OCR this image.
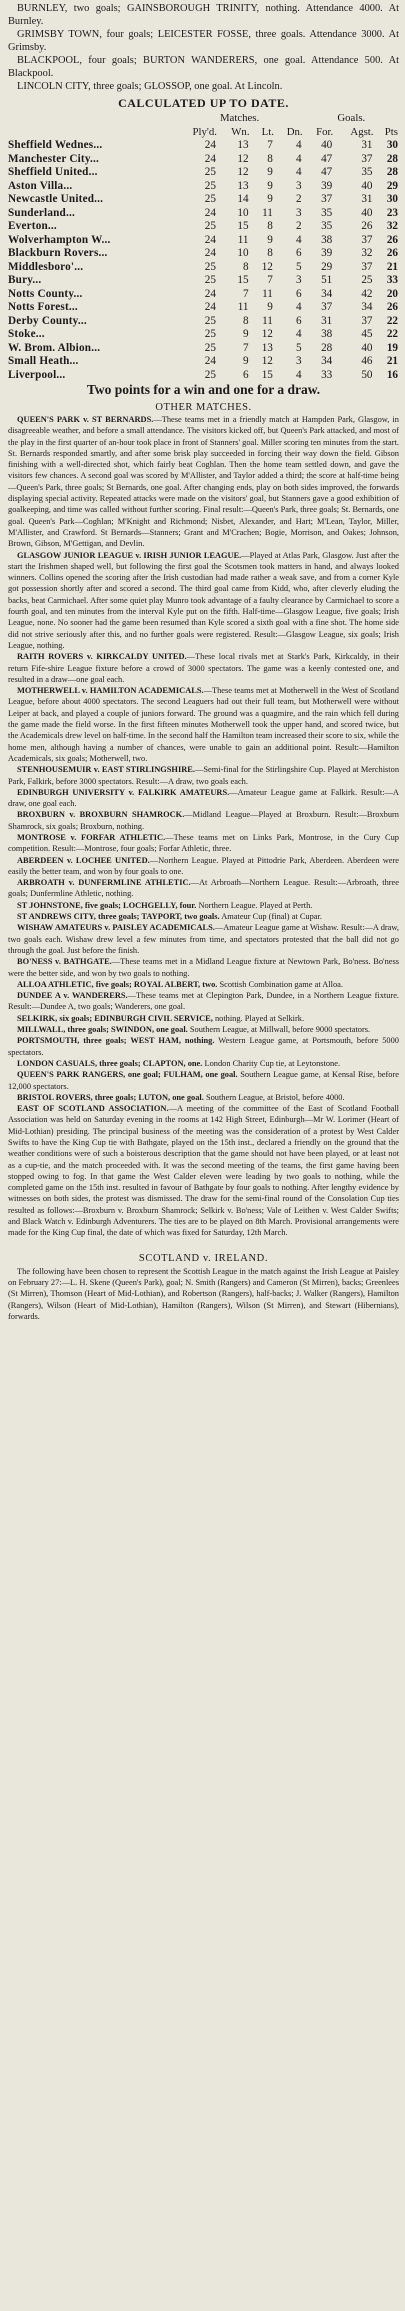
BURNLEY, two goals; GAINSBOROUGH TRINITY, nothing. Attendance 4000. At Burnley.

GRIMSBY TOWN, four goals; LEICESTER FOSSE, three goals. Attendance 3000. At Grimsby.

BLACKPOOL, four goals; BURTON WANDERERS, one goal. Attendance 500. At Blackpool.

LINCOLN CITY, three goals; GLOSSOP, one goal. At Lincoln.

CALCULATED UP TO DATE.
	Matches.				Goals.		
	Ply'd.	Wn.	Lt.	Dn.	For.	Agst.	Pts
Sheffield Wednes...	24	13	7	4	40	31	30
Manchester City...	24	12	8	4	47	37	28
Sheffield United...	25	12	9	4	47	35	28
Aston Villa...	25	13	9	3	39	40	29
Newcastle United...	25	14	9	2	37	31	30
Sunderland...	24	10	11	3	35	40	23
Everton...	25	15	8	2	35	26	32
Wolverhampton W...	24	11	9	4	38	37	26
Blackburn Rovers...	24	10	8	6	39	32	26
Middlesboro'...	25	8	12	5	29	37	21
Bury...	25	15	7	3	51	25	33
Notts County...	24	7	11	6	34	42	20
Notts Forest...	24	11	9	4	37	34	26
Derby County...	25	8	11	6	31	37	22
Stoke...	25	9	12	4	38	45	22
W. Brom. Albion...	25	7	13	5	28	40	19
Small Heath...	24	9	12	3	34	46	21
Liverpool...	25	6	15	4	33	50	16
Two points for a win and one for a draw.
OTHER MATCHES.

QUEEN'S PARK v. ST BERNARDS.—These teams met in a friendly match at Hampden Park, Glasgow, in disagreeable weather, and before a small attendance. The visitors kicked off, but Queen's Park attacked, and most of the play in the first quarter of an-hour took place in front of Stanners' goal. Miller scoring ten minutes from the start. St. Bernards responded smartly, and after some brisk play succeeded in forcing their way down the field. Gibson finishing with a well-directed shot, which fairly beat Coghlan. Then the home team settled down, and gave the visitors few chances. A second goal was scored by M'Allister, and Taylor added a third; the score at half-time being—Queen's Park, three goals; St Bernards, one goal. After changing ends, play on both sides improved, the forwards displaying special activity. Repeated attacks were made on the visitors' goal, but Stanners gave a good exhibition of goalkeeping, and time was called without further scoring. Final result:—Queen's Park, three goals; St. Bernards, one goal. Queen's Park—Coghlan; M'Knight and Richmond; Nisbet, Alexander, and Hart; M'Lean, Taylor, Miller, M'Allister, and Crawford. St Bernards—Stanners; Grant and M'Crachen; Bogie, Morrison, and Oakes; Johnson, Brown, Gibson, M'Gettigan, and Devlin.

GLASGOW JUNIOR LEAGUE v. IRISH JUNIOR LEAGUE.—Played at Atlas Park, Glasgow. Just after the start the Irishmen shaped well, but following the first goal the Scotsmen took matters in hand, and always looked winners. Collins opened the scoring after the Irish custodian had made rather a weak save, and from a corner Kyle got possession shortly after and scored a second. The third goal came from Kidd, who, after cleverly eluding the backs, beat Carmichael. After some quiet play Munro took advantage of a faulty clearance by Carmichael to score a fourth goal, and ten minutes from the interval Kyle put on the fifth. Half-time—Glasgow League, five goals; Irish League, none. No sooner had the game been resumed than Kyle scored a sixth goal with a fine shot. The home side did not strive seriously after this, and no further goals were registered. Result:—Glasgow League, six goals; Irish League, nothing.

RAITH ROVERS v. KIRKCALDY UNITED.—These local rivals met at Stark's Park, Kirkcaldy, in their return Fife-shire League fixture before a crowd of 3000 spectators. The game was a keenly contested one, and resulted in a draw—one goal each.

MOTHERWELL v. HAMILTON ACADEMICALS.—These teams met at Motherwell in the West of Scotland League, before about 4000 spectators. The second Leaguers had out their full team, but Motherwell were without Leiper at back, and played a couple of juniors forward. The ground was a quagmire, and the rain which fell during the game made the field worse. In the first fifteen minutes Motherwell took the upper hand, and scored twice, but the Academicals drew level on half-time. In the second half the Hamilton team increased their score to six, while the home men, although having a number of chances, were unable to gain an additional point. Result:—Hamilton Academicals, six goals; Motherwell, two.

STENHOUSEMUIR v. EAST STIRLINGSHIRE.—Semi-final for the Stirlingshire Cup. Played at Merchiston Park, Falkirk, before 3000 spectators. Result:—A draw, two goals each.

EDINBURGH UNIVERSITY v. FALKIRK AMATEURS.—Amateur League game at Falkirk. Result:—A draw, one goal each.

BROXBURN v. BROXBURN SHAMROCK.—Midland League—Played at Broxburn. Result:—Broxburn Shamrock, six goals; Broxburn, nothing.

MONTROSE v. FORFAR ATHLETIC.—These teams met on Links Park, Montrose, in the Cury Cup competition. Result:—Montrose, four goals; Forfar Athletic, three.

ABERDEEN v. LOCHEE UNITED.—Northern League. Played at Pittodrie Park, Aberdeen. Aberdeen were easily the better team, and won by four goals to one.

ARBROATH v. DUNFERMLINE ATHLETIC.—At Arbroath—Northern League. Result:—Arbroath, three goals; Dunfermline Athletic, nothing.

ST JOHNSTONE, five goals; LOCHGELLY, four. Northern League. Played at Perth.

ST ANDREWS CITY, three goals; TAYPORT, two goals. Amateur Cup (final) at Cupar.

WISHAW AMATEURS v. PAISLEY ACADEMICALS.—Amateur League game at Wishaw. Result:—A draw, two goals each. Wishaw drew level a few minutes from time, and spectators protested that the ball did not go through the goal. Just before the finish.

BO'NESS v. BATHGATE.—These teams met in a Midland League fixture at Newtown Park, Bo'ness. Bo'ness were the better side, and won by two goals to nothing.

ALLOA ATHLETIC, five goals; ROYAL ALBERT, two. Scottish Combination game at Alloa.

DUNDEE A v. WANDERERS.—These teams met at Clepington Park, Dundee, in a Northern League fixture. Result:—Dundee A, two goals; Wanderers, one goal.

SELKIRK, six goals; EDINBURGH CIVIL SERVICE, nothing. Played at Selkirk.

MILLWALL, three goals; SWINDON, one goal. Southern League, at Millwall, before 9000 spectators.

PORTSMOUTH, three goals; WEST HAM, nothing. Western League game, at Portsmouth, before 5000 spectators.

LONDON CASUALS, three goals; CLAPTON, one. London Charity Cup tie, at Leytonstone.

QUEEN'S PARK RANGERS, one goal; FULHAM, one goal. Southern League game, at Kensal Rise, before 12,000 spectators.

BRISTOL ROVERS, three goals; LUTON, one goal. Southern League, at Bristol, before 4000.

EAST OF SCOTLAND ASSOCIATION.—A meeting of the committee of the East of Scotland Football Association was held on Saturday evening in the rooms at 142 High Street, Edinburgh—Mr W. Lorimer (Heart of Mid-Lothian) presiding. The principal business of the meeting was the consideration of a protest by West Calder Swifts to have the King Cup tie with Bathgate, played on the 15th inst., declared a friendly on the ground that the weather conditions were of such a boisterous description that the game should not have been played, or at least not as a cup-tie, and the match proceeded with. It was the second meeting of the teams, the first game having been stopped owing to fog. In that game the West Calder eleven were leading by two goals to nothing, while the completed game on the 15th inst. resulted in favour of Bathgate by four goals to nothing. After lengthy evidence by witnesses on both sides, the protest was dismissed. The draw for the semi-final round of the Consolation Cup ties resulted as follows:—Broxburn v. Broxburn Shamrock; Selkirk v. Bo'ness; Vale of Leithen v. West Calder Swifts; and Black Watch v. Edinburgh Adventurers. The ties are to be played on 8th March. Provisional arrangements were made for the King Cup final, the date of which was fixed for Saturday, 12th March.

SCOTLAND v. IRELAND.

The following have been chosen to represent the Scottish League in the match against the Irish League at Paisley on February 27:—L. H. Skene (Queen's Park), goal; N. Smith (Rangers) and Cameron (St Mirren), backs; Greenlees (St Mirren), Thomson (Heart of Mid-Lothian), and Robertson (Rangers), half-backs; J. Walker (Rangers), Hamilton (Rangers), Wilson (Heart of Mid-Lothian), Hamilton (Rangers), Wilson (St Mirren), and Stewart (Hibernians), forwards.
